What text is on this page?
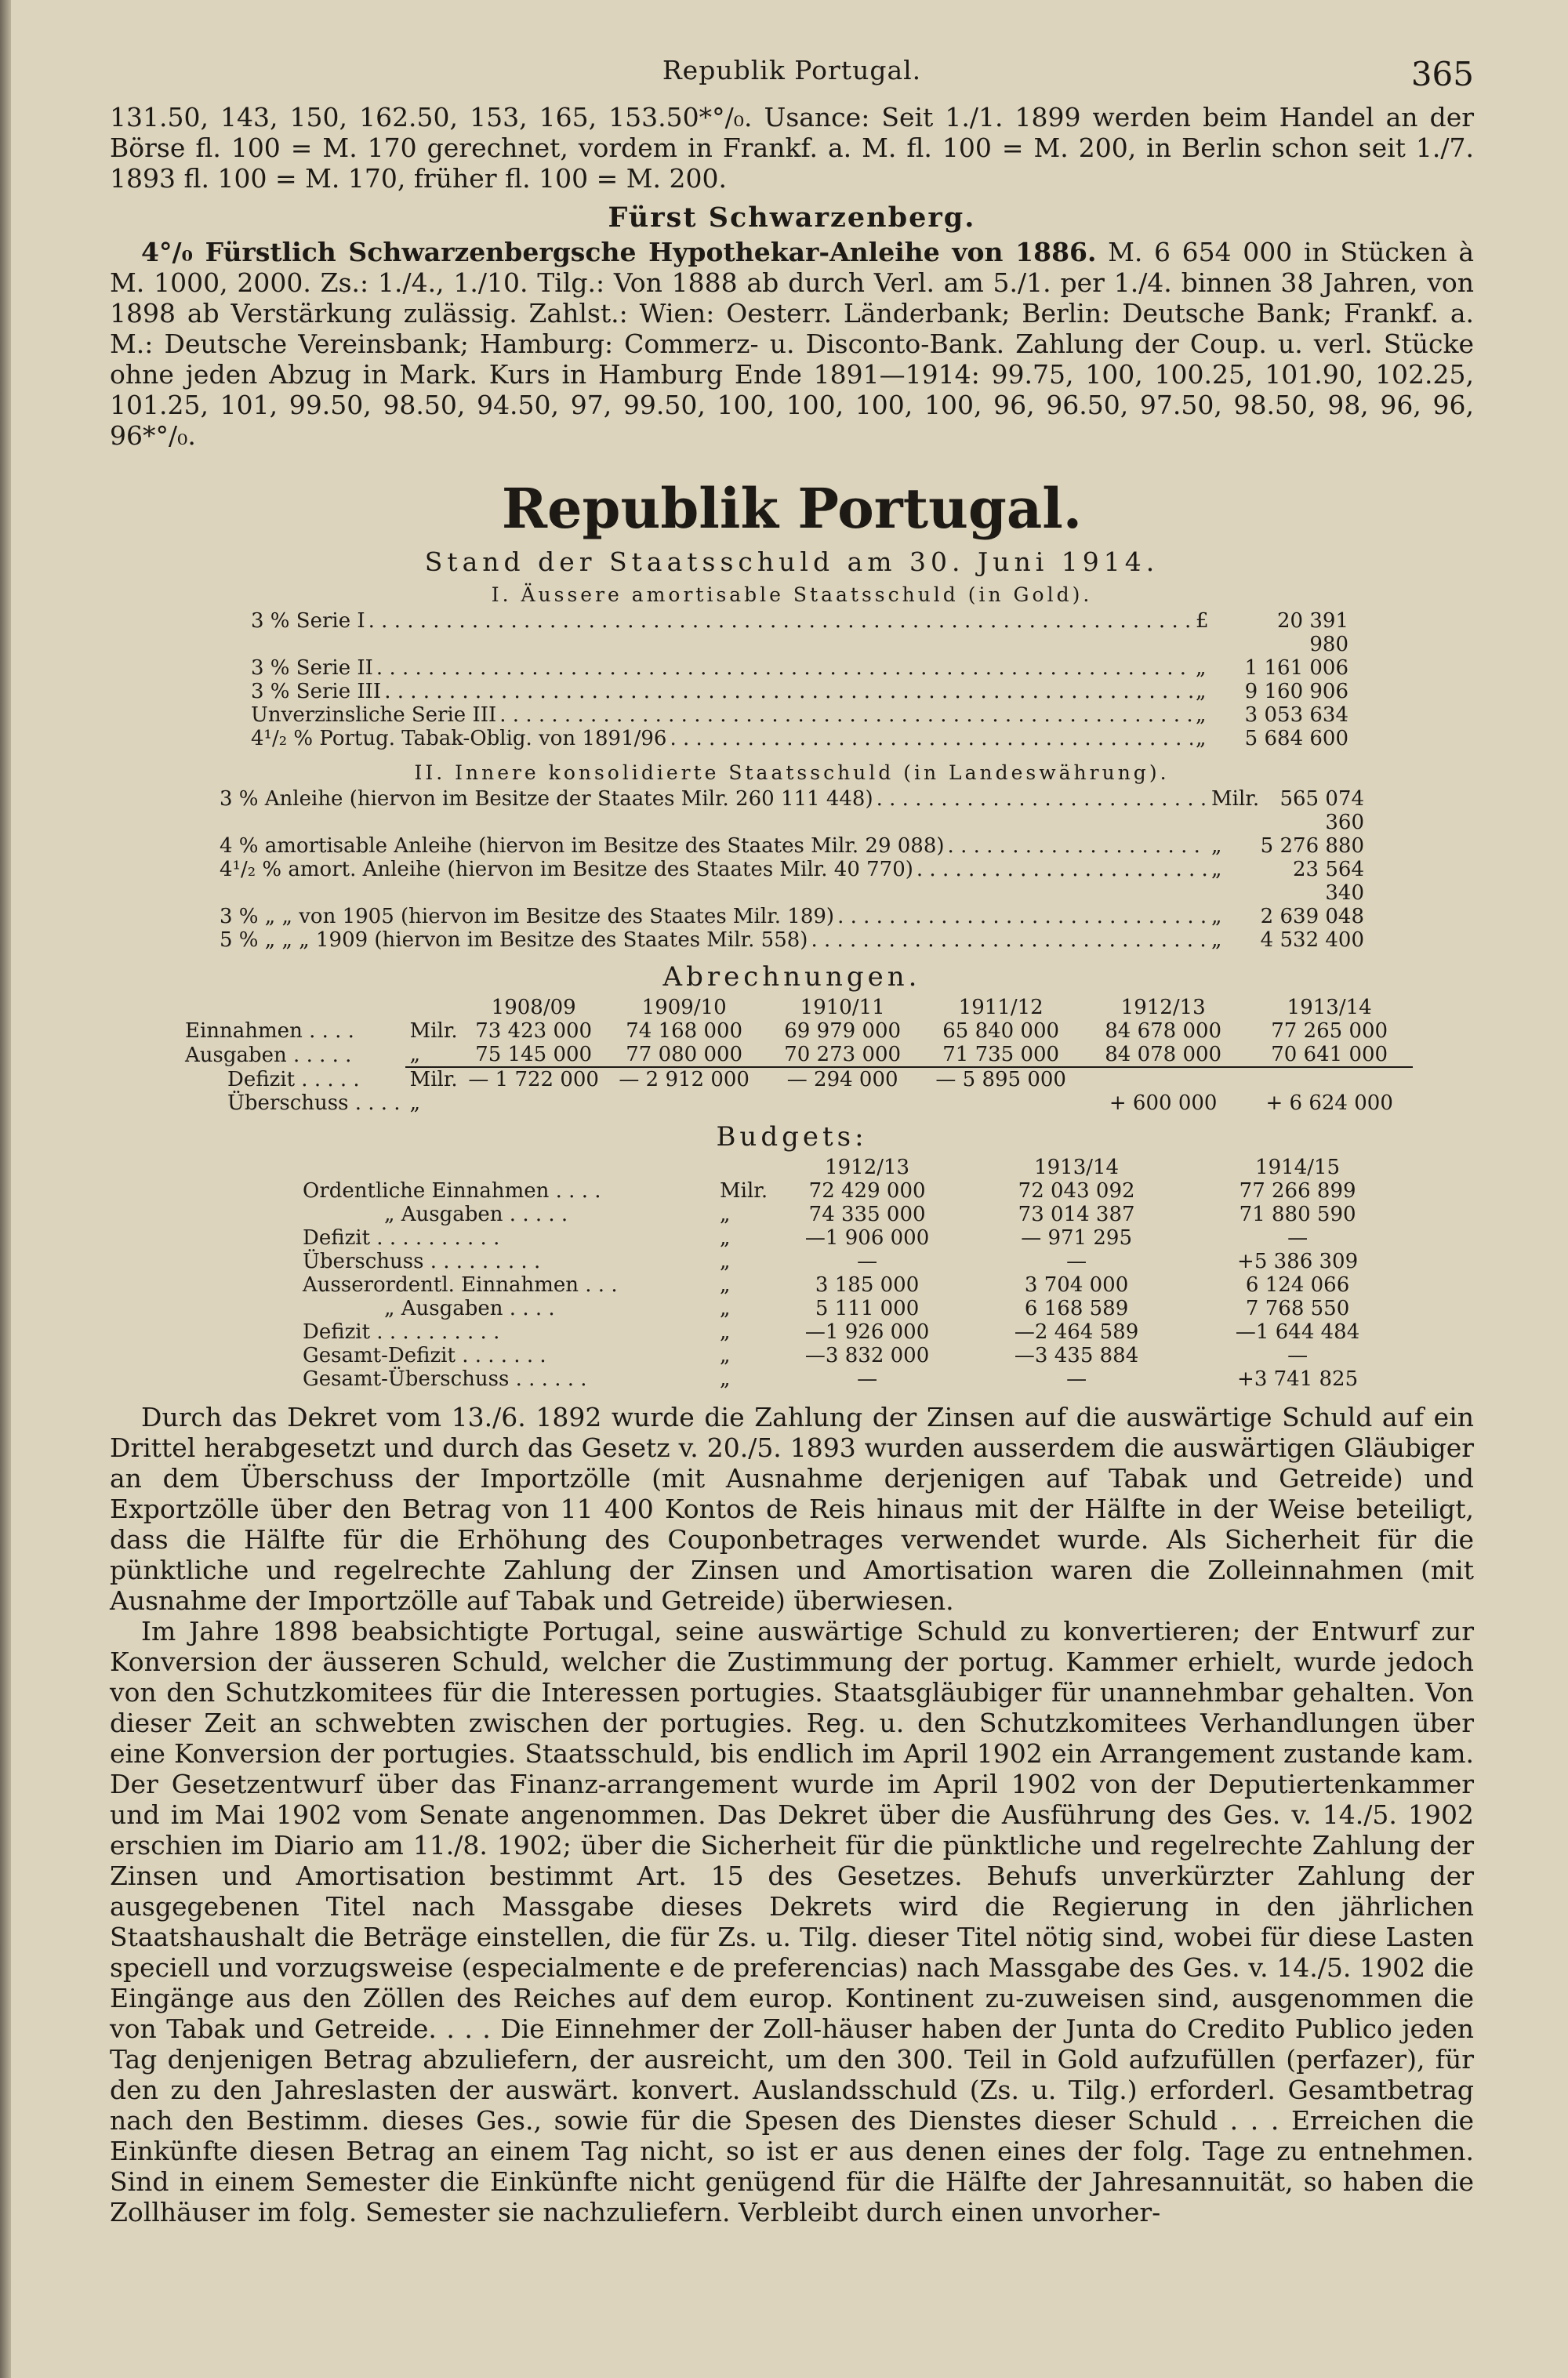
Republik Portugal.	365

131.50, 143, 150, 162.50, 153, 165, 153.50*°/₀. Usance: Seit 1./1. 1899 werden beim Handel an der Börse fl. 100 = M. 170 gerechnet, vordem in Frankf. a. M. fl. 100 = M. 200, in Berlin schon seit 1./7. 1893 fl. 100 = M. 170, früher fl. 100 = M. 200.

Fürst Schwarzenberg.

4°/₀ Fürstlich Schwarzenbergsche Hypothekar-Anleihe von 1886. M. 6 654 000 in Stücken à M. 1000, 2000. Zs.: 1./4., 1./10. Tilg.: Von 1888 ab durch Verl. am 5./1. per 1./4. binnen 38 Jahren, von 1898 ab Verstärkung zulässig. Zahlst.: Wien: Oesterr. Länderbank; Berlin: Deutsche Bank; Frankf. a. M.: Deutsche Vereinsbank; Hamburg: Commerz- u. Disconto-Bank. Zahlung der Coup. u. verl. Stücke ohne jeden Abzug in Mark. Kurs in Hamburg Ende 1891—1914: 99.75, 100, 100.25, 101.90, 102.25, 101.25, 101, 99.50, 98.50, 94.50, 97, 99.50, 100, 100, 100, 100, 96, 96.50, 97.50, 98.50, 98, 96, 96, 96*°/₀.

Republik Portugal.
Stand der Staatsschuld am 30. Juni 1914.
I. Äussere amortisable Staatsschuld (in Gold).
3 % Serie I . . .	£	20 391 980
3 % Serie II . . .	„	1 161 006
3 % Serie III . . .	„	9 160 906
Unverzinsliche Serie III . . .	„	3 053 634
4¹/₂ % Portug. Tabak-Oblig. von 1891/96 . . .	„	5 684 600
II. Innere konsolidierte Staatsschuld (in Landeswährung).
3 % Anleihe (hiervon im Besitze der Staates Milr. 260 111 448) . . .	Milr.	565 074 360
4 % amortisable Anleihe (hiervon im Besitze des Staates Milr. 29 088) . . .	„	5 276 880
4¹/₂ % amort. Anleihe (hiervon im Besitze des Staates Milr. 40 770) . . .	„	23 564 340
3 % „ „ von 1905 (hiervon im Besitze des Staates Milr. 189) . . .	„	2 639 048
5 % „ „ „ 1909 (hiervon im Besitze des Staates Milr. 558) . . .	„	4 532 400
Abrechnungen.
		1908/09	1909/10	1910/11	1911/12	1912/13	1913/14
Einnahmen . . . .	Milr.	73 423 000	74 168 000	69 979 000	65 840 000	84 678 000	77 265 000
Ausgaben . . . . .	„	75 145 000	77 080 000	70 273 000	71 735 000	84 078 000	70 641 000
Defizit . . . . .	Milr.	— 1 722 000	— 2 912 000	— 294 000	— 5 895 000		
Überschuss . . . .	„					+ 600 000	+ 6 624 000
Budgets:
		1912/13	1913/14	1914/15
Ordentliche Einnahmen . . . .	Milr.	72 429 000	72 043 092	77 266 899
„ Ausgaben . . . . .	„	74 335 000	73 014 387	71 880 590
Defizit . . . . . . . . . .	„	—1 906 000	— 971 295	—
Überschuss . . . . . . . . .	„	—	—	+5 386 309
Ausserordentl. Einnahmen . . .	„	3 185 000	3 704 000	6 124 066
„ Ausgaben . . . .	„	5 111 000	6 168 589	7 768 550
Defizit . . . . . . . . . .	„	—1 926 000	—2 464 589	—1 644 484
Gesamt-Defizit . . . . . . .	„	—3 832 000	—3 435 884	—
Gesamt-Überschuss . . . . . .	„	—	—	+3 741 825

Durch das Dekret vom 13./6. 1892 wurde die Zahlung der Zinsen auf die auswärtige Schuld auf ein Drittel herabgesetzt und durch das Gesetz v. 20./5. 1893 wurden ausserdem die auswärtigen Gläubiger an dem Überschuss der Importzölle (mit Ausnahme derjenigen auf Tabak und Getreide) und Exportzölle über den Betrag von 11 400 Kontos de Reis hinaus mit der Hälfte in der Weise beteiligt, dass die Hälfte für die Erhöhung des Couponbetrages verwendet wurde. Als Sicherheit für die pünktliche und regelrechte Zahlung der Zinsen und Amortisation waren die Zolleinnahmen (mit Ausnahme der Importzölle auf Tabak und Getreide) überwiesen.

Im Jahre 1898 beabsichtigte Portugal, seine auswärtige Schuld zu konvertieren; der Entwurf zur Konversion der äusseren Schuld, welcher die Zustimmung der portug. Kammer erhielt, wurde jedoch von den Schutzkomitees für die Interessen portugies. Staatsgläubiger für unannehmbar gehalten. Von dieser Zeit an schwebten zwischen der portugies. Reg. u. den Schutzkomitees Verhandlungen über eine Konversion der portugies. Staatsschuld, bis endlich im April 1902 ein Arrangement zustande kam. Der Gesetzentwurf über das Finanz-arrangement wurde im April 1902 von der Deputiertenkammer und im Mai 1902 vom Senate angenommen. Das Dekret über die Ausführung des Ges. v. 14./5. 1902 erschien im Diario am 11./8. 1902; über die Sicherheit für die pünktliche und regelrechte Zahlung der Zinsen und Amortisation bestimmt Art. 15 des Gesetzes. Behufs unverkürzter Zahlung der ausgegebenen Titel nach Massgabe dieses Dekrets wird die Regierung in den jährlichen Staatshaushalt die Beträge einstellen, die für Zs. u. Tilg. dieser Titel nötig sind, wobei für diese Lasten speciell und vorzugsweise (especialmente e de preferencias) nach Massgabe des Ges. v. 14./5. 1902 die Eingänge aus den Zöllen des Reiches auf dem europ. Kontinent zu-zuweisen sind, ausgenommen die von Tabak und Getreide. . . . Die Einnehmer der Zoll-häuser haben der Junta do Credito Publico jeden Tag denjenigen Betrag abzuliefern, der ausreicht, um den 300. Teil in Gold aufzufüllen (perfazer), für den zu den Jahreslasten der auswärt. konvert. Auslandsschuld (Zs. u. Tilg.) erforderl. Gesamtbetrag nach den Bestimm. dieses Ges., sowie für die Spesen des Dienstes dieser Schuld . . . Erreichen die Einkünfte diesen Betrag an einem Tag nicht, so ist er aus denen eines der folg. Tage zu entnehmen. Sind in einem Semester die Einkünfte nicht genügend für die Hälfte der Jahresannuität, so haben die Zollhäuser im folg. Semester sie nachzuliefern. Verbleibt durch einen unvorher-
